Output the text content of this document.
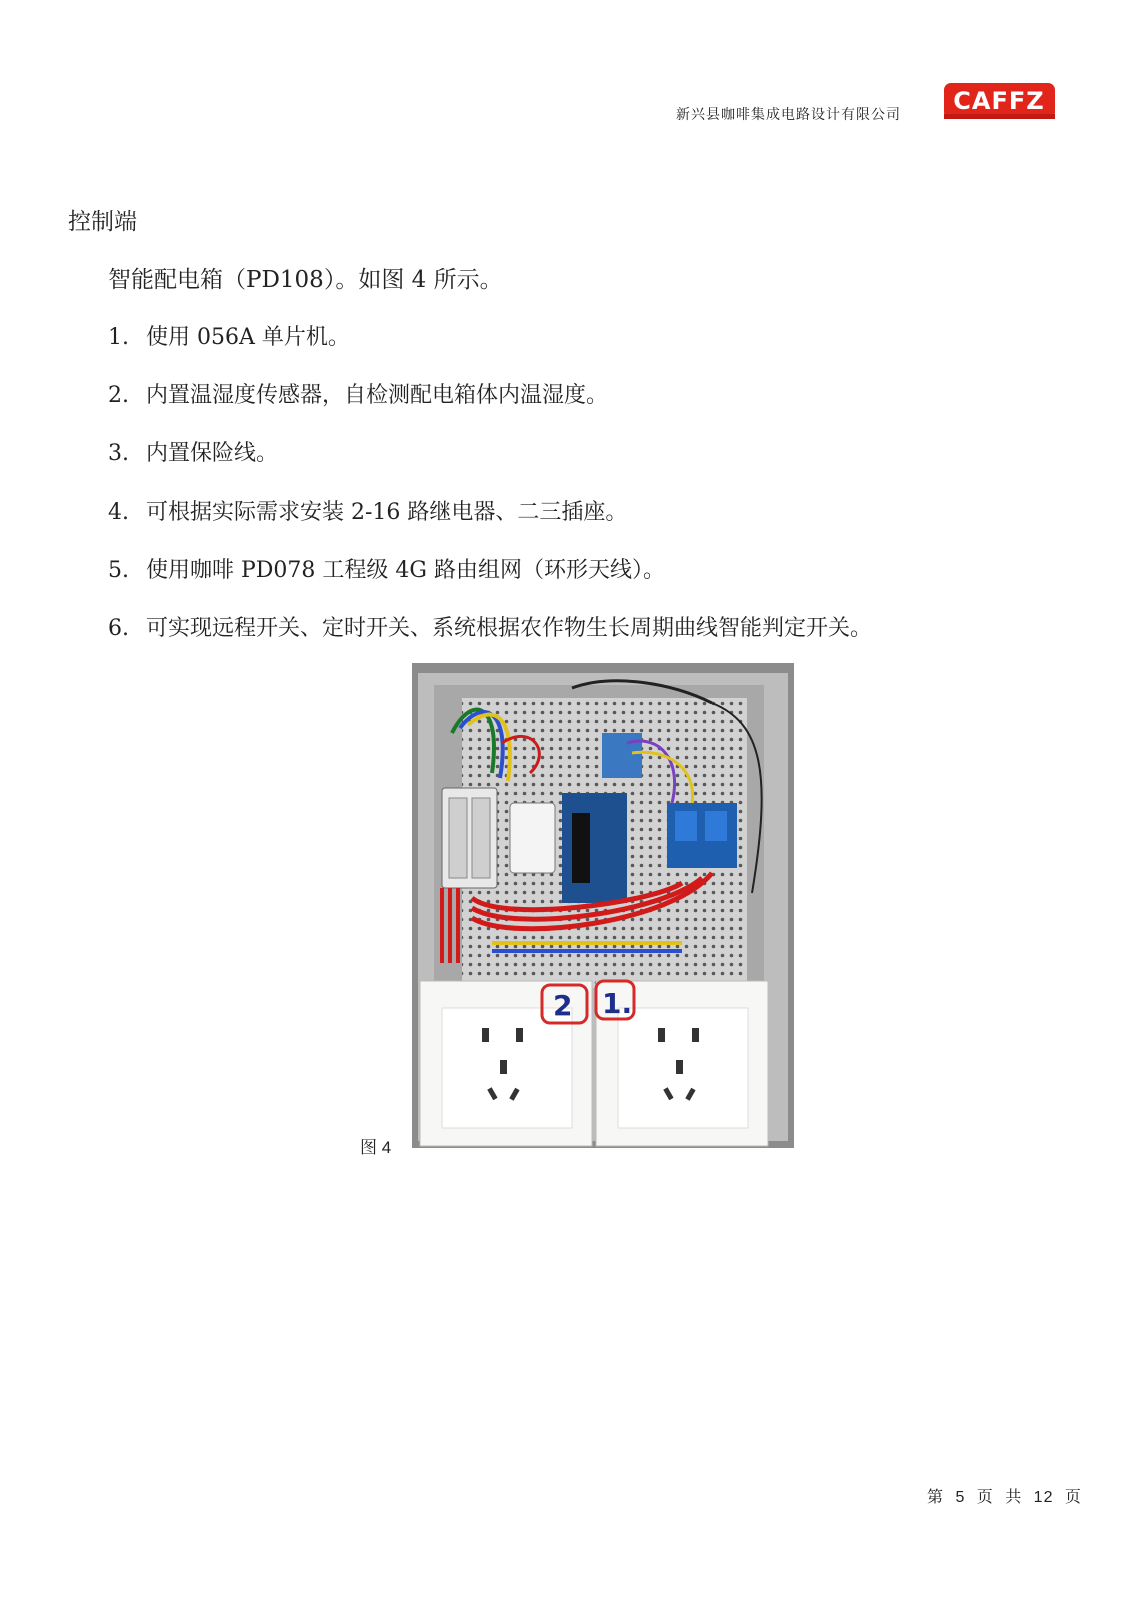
新兴县咖啡集成电路设计有限公司 CAFFZ
控制端
智能配电箱（PD108）。如图 4 所示。
1. 使用 056A 单片机。
2. 内置温湿度传感器，自检测配电箱体内温湿度。
3. 内置保险线。
4. 可根据实际需求安装 2-16 路继电器、二三插座。
5. 使用咖啡 PD078 工程级 4G 路由组网（环形天线）。
6. 可实现远程开关、定时开关、系统根据农作物生长周期曲线智能判定开关。
2 1.
图 4
第 5 页 共 12 页
